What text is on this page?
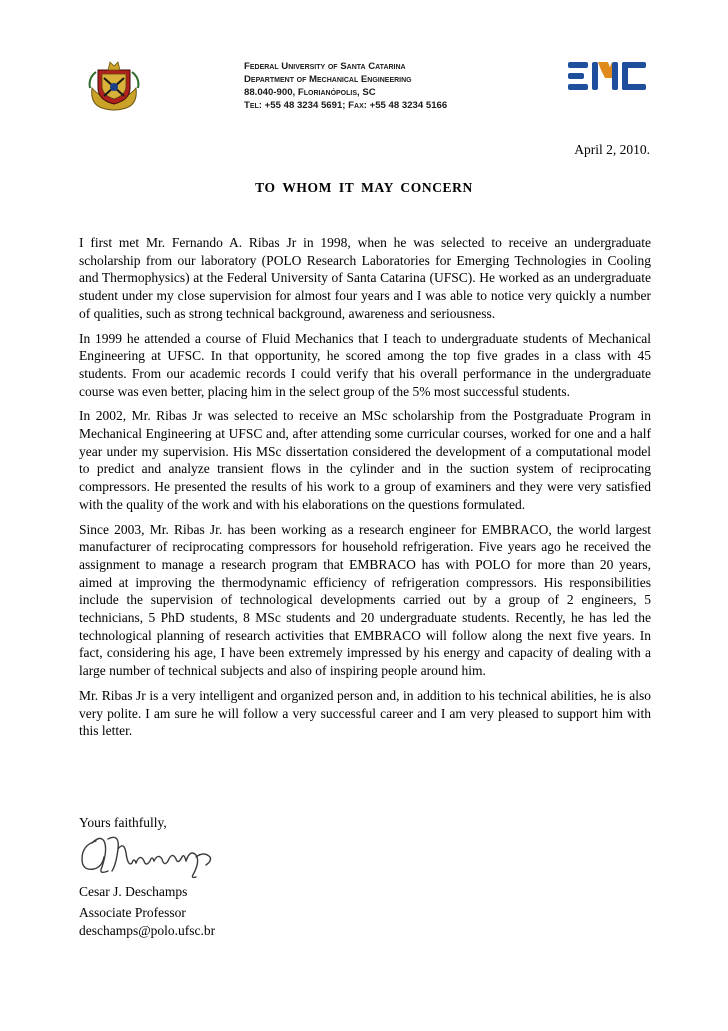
Federal University of Santa Catarina
Department of Mechanical Engineering
88.040-900, Florianópolis, SC
Tel: +55 48 3234 5691; Fax: +55 48 3234 5166
April 2, 2010.
TO WHOM IT MAY CONCERN

I first met Mr. Fernando A. Ribas Jr in 1998, when he was selected to receive an undergraduate scholarship from our laboratory (POLO Research Laboratories for Emerging Technologies in Cooling and Thermophysics) at the Federal University of Santa Catarina (UFSC). He worked as an undergraduate student under my close supervision for almost four years and I was able to notice very quickly a number of qualities, such as strong technical background, awareness and seriousness.

In 1999 he attended a course of Fluid Mechanics that I teach to undergraduate students of Mechanical Engineering at UFSC. In that opportunity, he scored among the top five grades in a class with 45 students. From our academic records I could verify that his overall performance in the undergraduate course was even better, placing him in the select group of the 5% most successful students.

In 2002, Mr. Ribas Jr was selected to receive an MSc scholarship from the Postgraduate Program in Mechanical Engineering at UFSC and, after attending some curricular courses, worked for one and a half year under my supervision. His MSc dissertation considered the development of a computational model to predict and analyze transient flows in the cylinder and in the suction system of reciprocating compressors. He presented the results of his work to a group of examiners and they were very satisfied with the quality of the work and with his elaborations on the questions formulated.

Since 2003, Mr. Ribas Jr. has been working as a research engineer for EMBRACO, the world largest manufacturer of reciprocating compressors for household refrigeration. Five years ago he received the assignment to manage a research program that EMBRACO has with POLO for more than 20 years, aimed at improving the thermodynamic efficiency of refrigeration compressors. His responsibilities include the supervision of technological developments carried out by a group of 2 engineers, 5 technicians, 5 PhD students, 8 MSc students and 20 undergraduate students. Recently, he has led the technological planning of research activities that EMBRACO will follow along the next five years. In fact, considering his age, I have been extremely impressed by his energy and capacity of dealing with a large number of technical subjects and also of inspiring people around him.

Mr. Ribas Jr is a very intelligent and organized person and, in addition to his technical abilities, he is also very polite. I am sure he will follow a very successful career and I am very pleased to support him with this letter.

Yours faithfully,
Cesar J. Deschamps
Associate Professor
deschamps@polo.ufsc.br
